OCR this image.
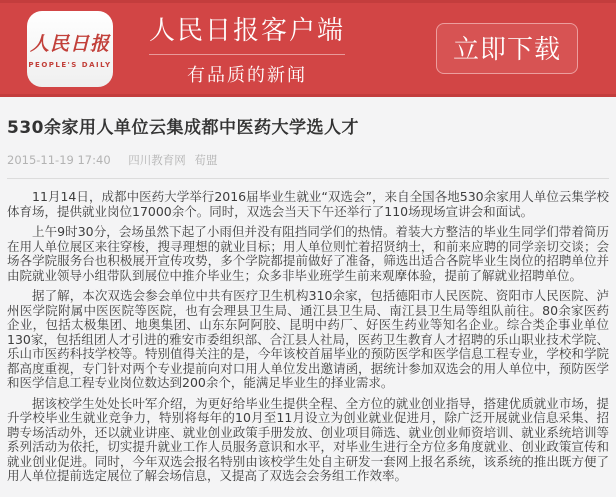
人民日报
PEOPLE'S DAILY
人民日报客户端
有品质的新闻
立即下载
530余家用人单位云集成都中医药大学选人才
2015-11-19 17:40 四川教育网 荀盟

11月14日，成都中医药大学举行2016届毕业生就业“双选会”，来自全国各地530余家用人单位云集学校体育场，提供就业岗位17000余个。同时，双选会当天下午还举行了110场现场宣讲会和面试。

上午9时30分，会场虽然下起了小雨但并没有阻挡同学们的热情。着装大方整洁的毕业生同学们带着简历在用人单位展区来往穿梭，搜寻理想的就业目标；用人单位则忙着招贤纳士，和前来应聘的同学亲切交谈；会场各学院服务台也积极展开宣传攻势，多个学院都提前做好了准备，筛选出适合各院毕业生岗位的招聘单位并由院就业领导小组带队到展位中推介毕业生；众多非毕业班学生前来观摩体验，提前了解就业招聘单位。

据了解，本次双选会参会单位中共有医疗卫生机构310余家，包括德阳市人民医院、资阳市人民医院、泸州医学院附属中医医院等医院，也有会理县卫生局、通江县卫生局、南江县卫生局等组队前往。80余家医药企业，包括太极集团、地奥集团、山东东阿阿胶、昆明中药厂、好医生药业等知名企业。综合类企事业单位130家，包括组团人才引进的雅安市委组织部、合江县人社局，医药卫生教育人才招聘的乐山职业技术学院、乐山市医药科技学校等。特别值得关注的是，今年该校首届毕业的预防医学和医学信息工程专业，学校和学院都高度重视，专门针对两个专业提前向对口用人单位发出邀请函，据统计参加双选会的用人单位中，预防医学和医学信息工程专业岗位数达到200余个，能满足毕业生的择业需求。

据该校学生处处长叶军介绍，为更好给毕业生提供全程、全方位的就业创业指导，搭建优质就业市场，提升学校毕业生就业竞争力，特别将每年的10月至11月设立为创业就业促进月，除广泛开展就业信息采集、招聘专场活动外，还以就业讲座、就业创业政策手册发放、创业项目筛选、就业创业师资培训、就业系统培训等系列活动为依托，切实提升就业工作人员服务意识和水平，对毕业生进行全方位多角度就业、创业政策宣传和就业创业促进。同时，今年双选会报名特别由该校学生处自主研发一套网上报名系统，该系统的推出既方便了用人单位提前选定展位了解会场信息，又提高了双选会会务组工作效率。
